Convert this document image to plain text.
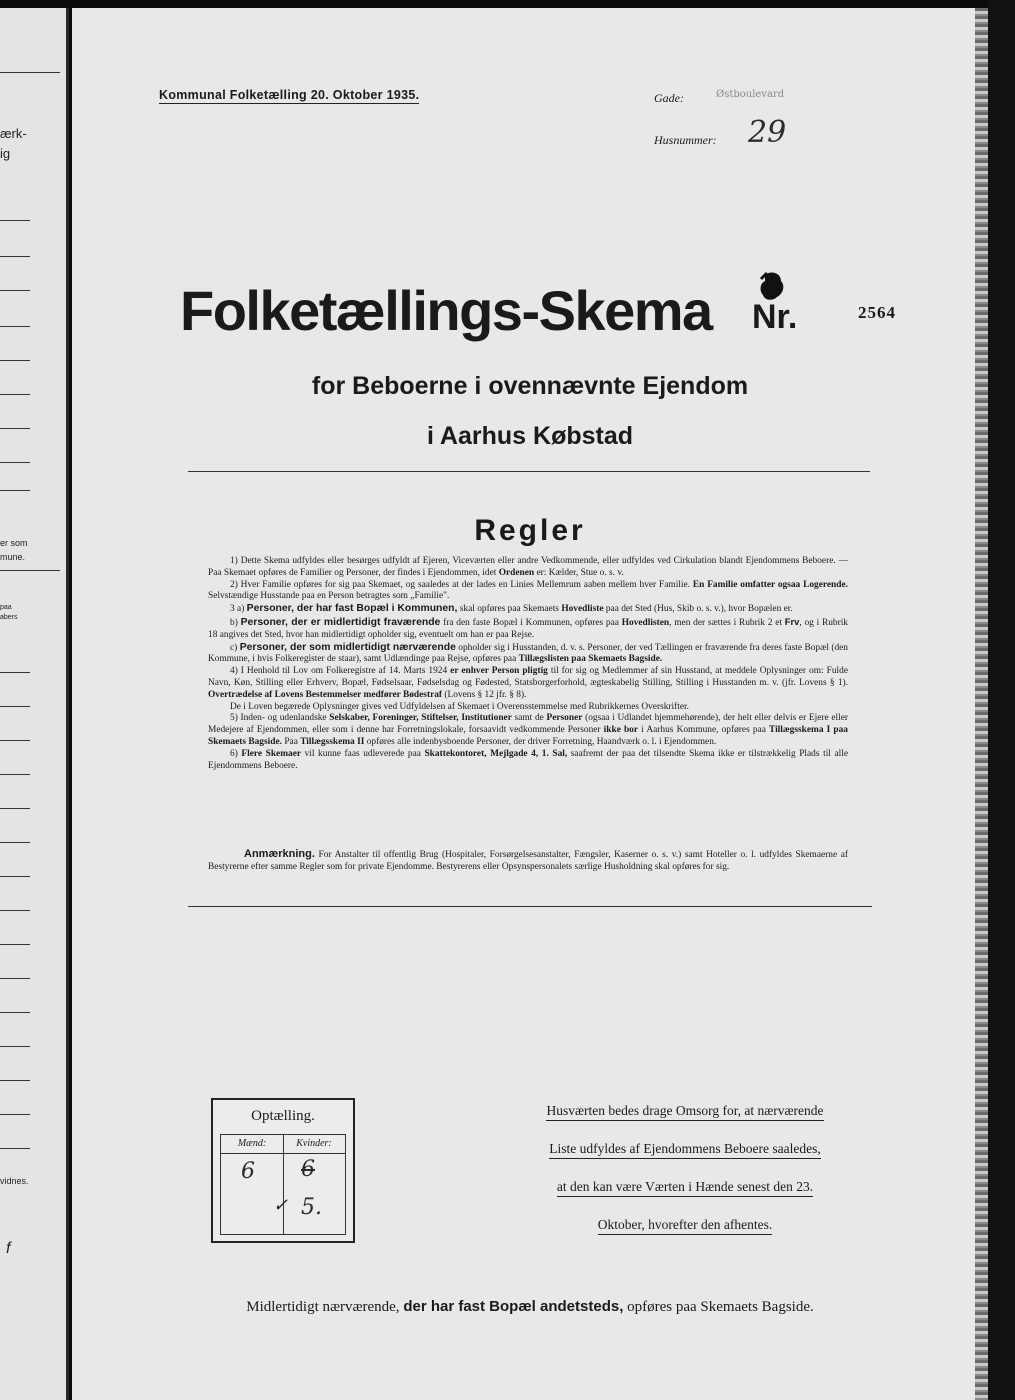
ærk-
ig
er som
mune.
paa
abers
vidnes.
f
Kommunal Folketælling 20. Oktober 1935.	Gade:	Østboulevard
Husnummer: 29
Folketællings-Skema Nr.	2564
for Beboerne i ovennævnte Ejendom
i Aarhus Købstad
Regler

1) Dette Skema udfyldes eller besørges udfyldt af Ejeren, Viceværten eller andre Vedkommende, eller udfyldes ved Cirkulation blandt Ejendommens Beboere. — Paa Skemaet opføres de Familier og Personer, der findes i Ejendommen, idet Ordenen er: Kælder, Stue o. s. v.

2) Hver Familie opføres for sig paa Skemaet, og saaledes at der lades en Linies Mellemrum aaben mellem hver Familie. En Familie omfatter ogsaa Logerende. Selvstændige Husstande paa en Person betragtes som „Familie".

3 a) Personer, der har fast Bopæl i Kommunen, skal opføres paa Skemaets Hovedliste paa det Sted (Hus, Skib o. s. v.), hvor Bopælen er.

b) Personer, der er midlertidigt fraværende fra den faste Bopæl i Kommunen, opføres paa Hovedlisten, men der sættes i Rubrik 2 et Frv, og i Rubrik 18 angives det Sted, hvor han midlertidigt opholder sig, eventuelt om han er paa Rejse.

c) Personer, der som midlertidigt nærværende opholder sig i Husstanden, d. v. s. Personer, der ved Tællingen er fraværende fra deres faste Bopæl (den Kommune, i hvis Folkeregister de staar), samt Udlændinge paa Rejse, opføres paa Tillægslisten paa Skemaets Bagside.

4) I Henhold til Lov om Folkeregistre af 14. Marts 1924 er enhver Person pligtig til for sig og Medlemmer af sin Husstand, at meddele Oplysninger om: Fulde Navn, Køn, Stilling eller Erhverv, Bopæl, Fødselsaar, Fødselsdag og Fødested, Statsborgerforhold, ægteskabelig Stilling, Stilling i Husstanden m. v. (jfr. Lovens § 1). Overtrædelse af Lovens Bestemmelser medfører Bødestraf (Lovens § 12 jfr. § 8).

De i Loven begærede Oplysninger gives ved Udfyldelsen af Skemaet i Overensstemmelse med Rubrikkernes Overskrifter.

5) Inden- og udenlandske Selskaber, Foreninger, Stiftelser, Institutioner samt de Personer (ogsaa i Udlandet hjemmehørende), der helt eller delvis er Ejere eller Medejere af Ejendommen, eller som i denne har Forretningslokale, forsaavidt vedkommende Personer ikke bor i Aarhus Kommune, opføres paa Tillægsskema I paa Skemaets Bagside. Paa Tillægsskema II opføres alle indenbysboende Personer, der driver Forretning, Haandværk o. l. i Ejendommen.

6) Flere Skemaer vil kunne faas udleverede paa Skattekontoret, Mejlgade 4, 1. Sal, saafremt der paa det tilsendte Skema ikke er tilstrækkelig Plads til alle Ejendommens Beboere.

Anmærkning. For Anstalter til offentlig Brug (Hospitaler, Forsørgelsesanstalter, Fængsler, Kaserner o. s. v.) samt Hoteller o. l. udfyldes Skemaerne af Bestyrerne efter samme Regler som for private Ejendomme. Bestyrerens eller Opsynspersonalets særlige Husholdning skal opføres for sig.
Optælling.
Mænd:	Kvinder:
6 6
✓ 5.
Husværten bedes drage Omsorg for, at nærværende
Liste udfyldes af Ejendommens Beboere saaledes,
at den kan være Værten i Hænde senest den 23.
Oktober, hvorefter den afhentes.
Midlertidigt nærværende, der har fast Bopæl andetsteds, opføres paa Skemaets Bagside.
